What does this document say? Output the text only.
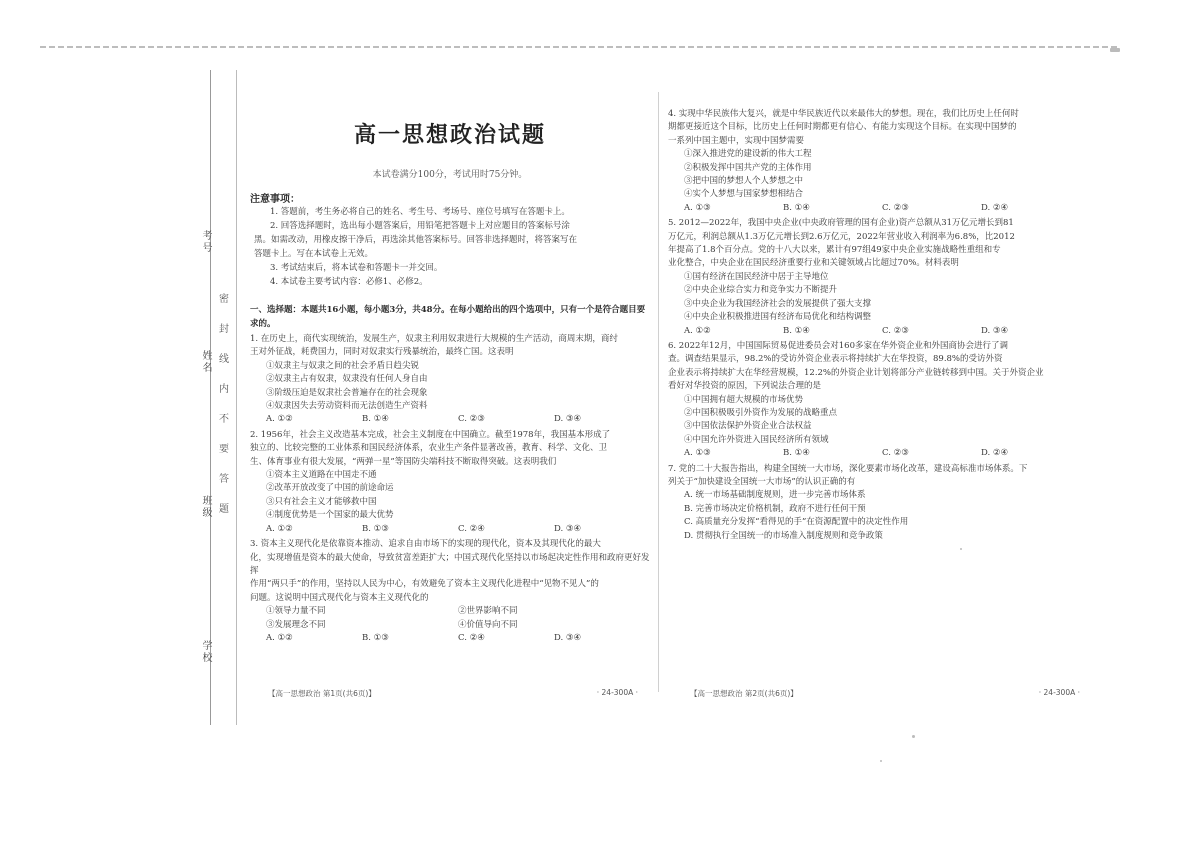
考号
姓名
班级
学校
密
封
线
内
不
要
答
题
高一思想政治试题
本试卷满分100分，考试用时75分钟。
注意事项：
1. 答题前，考生务必将自己的姓名、考生号、考场号、座位号填写在答题卡上。
2. 回答选择题时，选出每小题答案后，用铅笔把答题卡上对应题目的答案标号涂
黑。如需改动，用橡皮擦干净后，再选涂其他答案标号。回答非选择题时，将答案写在
答题卡上。写在本试卷上无效。
3. 考试结束后，将本试卷和答题卡一并交回。
4. 本试卷主要考试内容：必修1、必修2。
一、选择题：本题共16小题，每小题3分，共48分。在每小题给出的四个选项中，只有一个是符合题目要求的。
1. 在历史上，商代实现统治，发展生产，奴隶主利用奴隶进行大规模的生产活动，商周末期，商纣
王对外征战，耗费国力，同时对奴隶实行残暴统治，最终亡国。这表明
①奴隶主与奴隶之间的社会矛盾日趋尖锐
②奴隶主占有奴隶，奴隶没有任何人身自由
③阶级压迫是奴隶社会普遍存在的社会现象
④奴隶因失去劳动资料而无法创造生产资料
A. ①②	B. ①④	C. ②③	D. ③④
2. 1956年，社会主义改造基本完成，社会主义制度在中国确立。截至1978年，我国基本形成了
独立的、比较完整的工业体系和国民经济体系，农业生产条件显著改善，教育、科学、文化、卫
生、体育事业有很大发展，“两弹一星”等国防尖端科技不断取得突破。这表明我们
①资本主义道路在中国走不通
②改革开放改变了中国的前途命运
③只有社会主义才能够救中国
④制度优势是一个国家的最大优势
A. ①②	B. ①③	C. ②④	D. ③④
3. 资本主义现代化是依靠资本推动、追求自由市场下的实现的现代化，资本及其现代化的最大
化，实现增值是资本的最大使命，导致贫富差距扩大；中国式现代化坚持以市场起决定性作用和政府更好发挥
作用“两只手”的作用，坚持以人民为中心，有效避免了资本主义现代化进程中“见物不见人”的
问题。这说明中国式现代化与资本主义现代化的
①领导力量不同	②世界影响不同
③发展理念不同	④价值导向不同
A. ①②	B. ①③	C. ②④	D. ③④
4. 实现中华民族伟大复兴，就是中华民族近代以来最伟大的梦想。现在，我们比历史上任何时
期都更接近这个目标，比历史上任何时期都更有信心、有能力实现这个目标。在实现中国梦的
一系列中国主题中，实现中国梦需要
①深入推进党的建设新的伟大工程
②积极发挥中国共产党的主体作用
③把中国的梦想人个人梦想之中
④实个人梦想与国家梦想相结合
A. ①③	B. ①④	C. ②③	D. ②④
5. 2012—2022年，我国中央企业(中央政府管理的国有企业)资产总额从31万亿元增长到81
万亿元，利润总额从1.3万亿元增长到2.6万亿元，2022年营业收入利润率为6.8%，比2012
年提高了1.8个百分点。党的十八大以来，累计有97组49家中央企业实施战略性重组和专
业化整合，中央企业在国民经济重要行业和关键领域占比超过70%。材料表明
①国有经济在国民经济中居于主导地位
②中央企业综合实力和竞争实力不断提升
③中央企业为我国经济社会的发展提供了强大支撑
④中央企业积极推进国有经济布局优化和结构调整
A. ①②	B. ①④	C. ②③	D. ③④
6. 2022年12月，中国国际贸易促进委员会对160多家在华外资企业和外国商协会进行了调
查。调查结果显示，98.2%的受访外资企业表示将持续扩大在华投资，89.8%的受访外资
企业表示将持续扩大在华经营规模，12.2%的外资企业计划将部分产业链转移到中国。关于外资企业
看好对华投资的原因，下列说法合理的是
①中国拥有超大规模的市场优势
②中国积极吸引外资作为发展的战略重点
③中国依法保护外资企业合法权益
④中国允许外资进入国民经济所有领域
A. ①③	B. ①④	C. ②③	D. ②④
7. 党的二十大报告指出，构建全国统一大市场，深化要素市场化改革，建设高标准市场体系。下
列关于“加快建设全国统一大市场”的认识正确的有
A. 统一市场基础制度规则，进一步完善市场体系
B. 完善市场决定价格机制，政府不进行任何干预
C. 高质量充分发挥“看得见的手”在资源配置中的决定性作用
D. 贯彻执行全国统一的市场准入制度规则和竞争政策
【高一思想政治 第1页(共6页)】	· 24-300A ·	【高一思想政治 第2页(共6页)】	· 24-300A ·
